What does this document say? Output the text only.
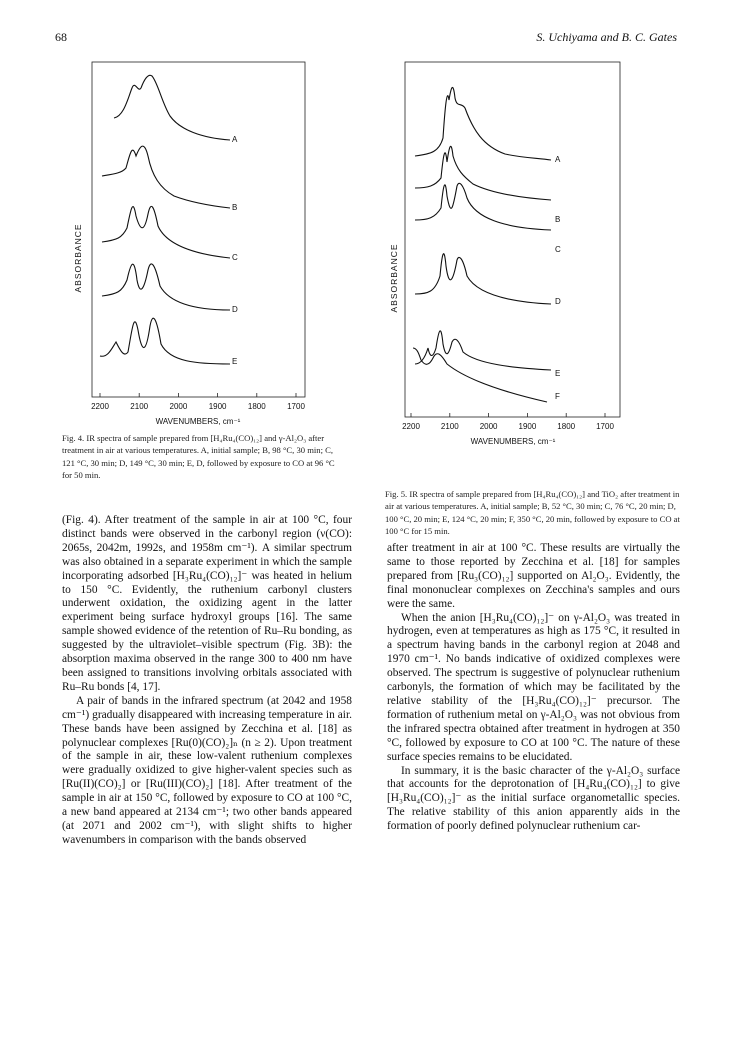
68	S. Uchiyama and B. C. Gates
ABSORBANCE
A
B
C
D
E
2200	2100	2000	1900	1800	1700
WAVENUMBERS, cm⁻¹
Fig. 4. IR spectra of sample prepared from [H₄Ru₄(CO)₁₂] and γ-Al₂O₃ after treatment in air at various temperatures. A, initial sample; B, 98 °C, 30 min; C, 121 °C, 30 min; D, 149 °C, 30 min; E, D, followed by exposure to CO at 96 °C for 50 min.
ABSORBANCE
A
B
C
D
E
F
2200	2100	2000	1900	1800	1700
WAVENUMBERS, cm⁻¹
Fig. 5. IR spectra of sample prepared from [H₄Ru₄(CO)₁₂] and TiO₂ after treatment in air at various temperatures. A, initial sample; B, 52 °C, 30 min; C, 76 °C, 20 min; D, 100 °C, 20 min; E, 124 °C, 20 min; F, 350 °C, 20 min, followed by exposure to CO at 100 °C for 15 min.

(Fig. 4). After treatment of the sample in air at 100 °C, four distinct bands were observed in the carbonyl region (ν(CO): 2065s, 2042m, 1992s, and 1958m cm⁻¹). A similar spectrum was also obtained in a separate experiment in which the sample incorporating adsorbed [H₃Ru₄(CO)₁₂]⁻ was heated in helium to 150 °C. Evidently, the ruthenium carbonyl clusters underwent oxidation, the oxidizing agent in the latter experiment being surface hydroxyl groups [16]. The same sample showed evidence of the retention of Ru–Ru bonding, as suggested by the ultraviolet–visible spectrum (Fig. 3B): the absorption maxima observed in the range 300 to 400 nm have been assigned to transitions involving orbitals associated with Ru–Ru bonds [4, 17].

A pair of bands in the infrared spectrum (at 2042 and 1958 cm⁻¹) gradually disappeared with increasing temperature in air. These bands have been assigned by Zecchina et al. [18] as polynuclear complexes [Ru(0)(CO)₂]ₙ (n ≥ 2). Upon treatment of the sample in air, these low-valent ruthenium complexes were gradually oxidized to give higher-valent species such as [Ru(II)(CO)₂] or [Ru(III)(CO)₂] [18]. After treatment of the sample in air at 150 °C, followed by exposure to CO at 100 °C, a new band appeared at 2134 cm⁻¹; two other bands appeared (at 2071 and 2002 cm⁻¹), with slight shifts to higher wavenumbers in comparison with the bands observed

after treatment in air at 100 °C. These results are virtually the same to those reported by Zecchina et al. [18] for samples prepared from [Ru₃(CO)₁₂] supported on Al₂O₃. Evidently, the final mononuclear complexes on Zecchina's samples and ours were the same.

When the anion [H₃Ru₄(CO)₁₂]⁻ on γ-Al₂O₃ was treated in hydrogen, even at temperatures as high as 175 °C, it resulted in a spectrum having bands in the carbonyl region at 2048 and 1970 cm⁻¹. No bands indicative of oxidized complexes were observed. The spectrum is suggestive of polynuclear ruthenium carbonyls, the formation of which may be facilitated by the relative stability of the [H₃Ru₄(CO)₁₂]⁻ precursor. The formation of ruthenium metal on γ-Al₂O₃ was not obvious from the infrared spectra obtained after treatment in hydrogen at 350 °C, followed by exposure to CO at 100 °C. The nature of these surface species remains to be elucidated.

In summary, it is the basic character of the γ-Al₂O₃ surface that accounts for the deprotonation of [H₄Ru₄(CO)₁₂] to give [H₃Ru₄(CO)₁₂]⁻ as the initial surface organometallic species. The relative stability of this anion apparently aids in the formation of poorly defined polynuclear ruthenium car-
